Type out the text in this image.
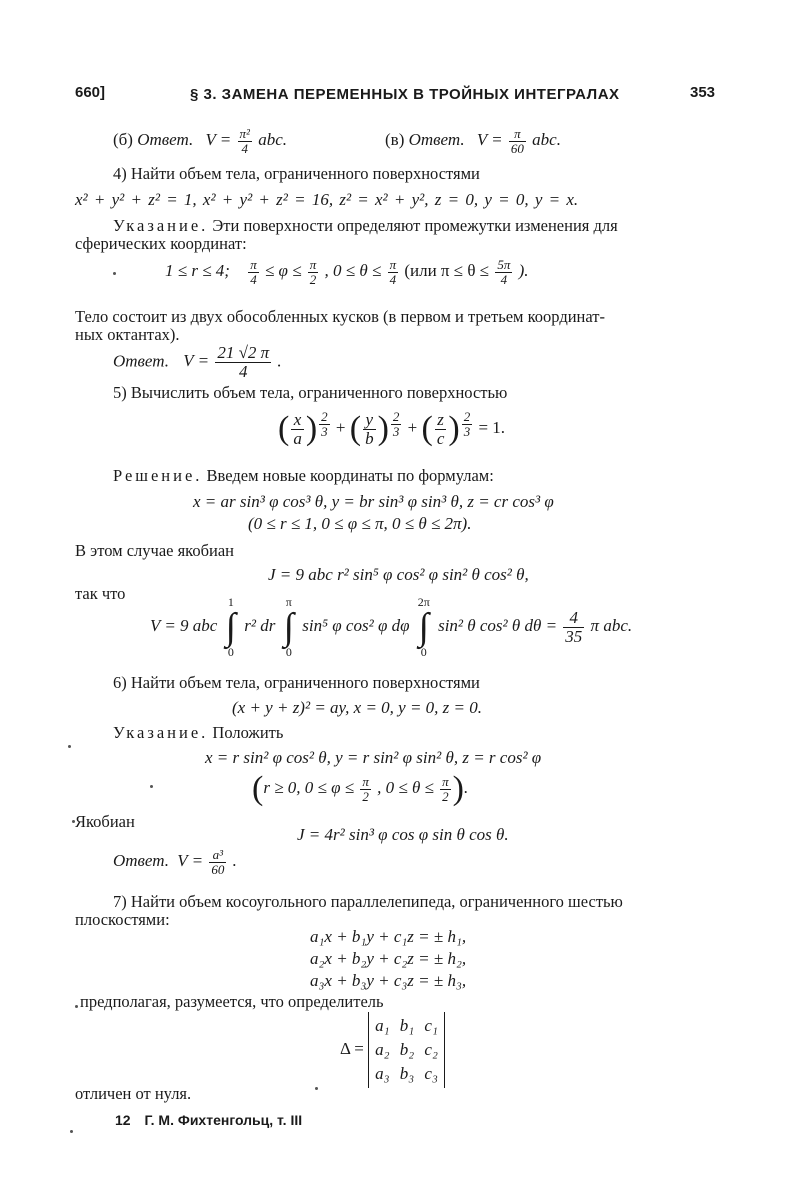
660]	§ 3. ЗАМЕНА ПЕРЕМЕННЫХ В ТРОЙНЫХ ИНТЕГРАЛАХ	353
(б) Ответ. $V = \frac{\text{π²}}{4}$ abc.	(в) Ответ. $V = \frac{\pi}{60}$ abc.
4) Найти объем тела, ограниченного поверхностями
x² + y² + z² = 1, x² + y² + z² = 16, z² = x² + y², z = 0, y = 0, y = x.
Указание. Эти поверхности определяют промежутки изменения для
сферических координат:
1 ≤ r ≤ 4; $\frac{\pi}{4} \le \varphi \le \frac{\pi}{2}$ , $0 \le \theta \le \frac{\pi}{4} (или$ $\pi \le \theta \le \frac{5\pi}{4}$ ).
Тело состоит из двух обособленных кусков (в первом и третьем координат-
ных октантах).
Ответ. $V = \frac{21 √2 \pi}{4}$ .
5) Вычислить объем тела, ограниченного поверхностью
( $\frac{x}{a}$ ) $\frac{2}{3}$ + ( $\frac{y}{b}$ ) $\frac{2}{3}$ + ( $\frac{z}{c}$ ) $\frac{2}{3} = 1$.
Решение. Введем новые координаты по формулам:
x = ar sin³ φ cos³ θ, y = br sin³ φ sin³ θ, z = cr cos³ φ
(0 ≤ r ≤ 1, 0 ≤ φ ≤ π, 0 ≤ θ ≤ 2π).
В этом случае якобиан
J = 9 abc r² sin⁵ φ cos² φ sin² θ cos² θ,
так что
V = 9 abc
1
∫
0
r² dr
π
∫
0
sin⁵ φ cos² φ dφ
2π
∫
0
sin² θ cos² θ $d\theta = \frac{4}{35}$ π abc.
6) Найти объем тела, ограниченного поверхностями
(x + y + z)² = ay, x = 0, y = 0, z = 0.
Указание. Положить
x = r sin² φ cos² θ, y = r sin² φ sin² θ, z = r cos² φ
(r ≥ 0, $0 \le \varphi \le \frac{\pi}{2}$ , $0 \le \theta \le \frac{\pi}{2}$ ).
Якобиан
J = 4r² sin³ φ cos φ sin θ cos θ.
Ответ. $V = \frac{\text{a³}}{60}$ .
7) Найти объем косоугольного параллелепипеда, ограниченного шестью
плоскостями:
a₁x + b₁y + c₁z = ± h₁,
a₂x + b₂y + c₂z = ± h₂,
a₃x + b₃y + c₃z = ± h₃,
предполагая, разумеется, что определитель
Δ =
a₁ b₁ c₁
a₂ b₂ c₂
a₃ b₃ c₃
отличен от нуля.
12 Г. М. Фихтенгольц, т. III
